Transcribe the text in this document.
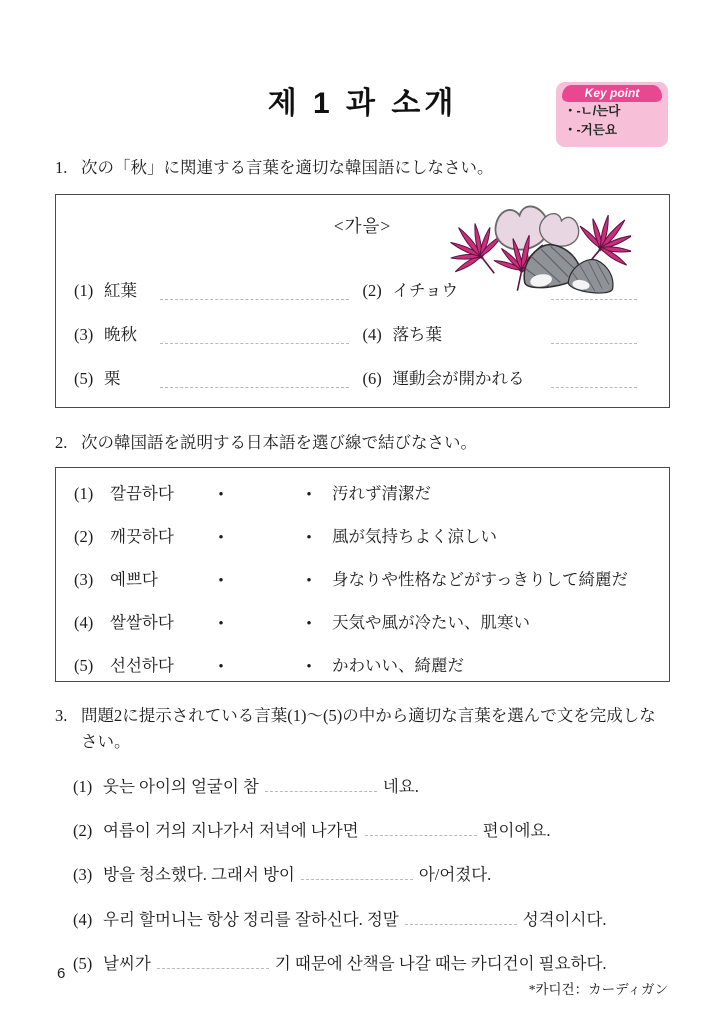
제 1 과 소개	Key point
・-ㄴ/는다
・-거든요

1. 次の「秋」に関連する言葉を適切な韓国語にしなさい。

<가을>
(1) 紅葉	(2) イチョウ
(3) 晩秋	(4) 落ち葉
(5) 栗	(6) 運動会が開かれる

2. 次の韓国語を説明する日本語を選び線で結びなさい。

(1)	깔끔하다	•	•	汚れず清潔だ
(2)	깨끗하다	•	•	風が気持ちよく涼しい
(3)	예쁘다	•	•	身なりや性格などがすっきりして綺麗だ
(4)	쌀쌀하다	•	•	天気や風が冷たい、肌寒い
(5)	선선하다	•	•	かわいい、綺麗だ

3. 問題2に提示されている言葉(1)～(5)の中から適切な言葉を選んで文を完成しなさい。

(1) 웃는 아이의 얼굴이 참	네요.
(2) 여름이 거의 지나가서 저녁에 나가면	편이에요.
(3) 방을 청소했다. 그래서 방이	아/어졌다.
(4) 우리 할머니는 항상 정리를 잘하신다. 정말	성격이시다.
(5) 날씨가	기 때문에 산책을 나갈 때는 카디건이 필요하다.
*카디건：カーディガン
6
